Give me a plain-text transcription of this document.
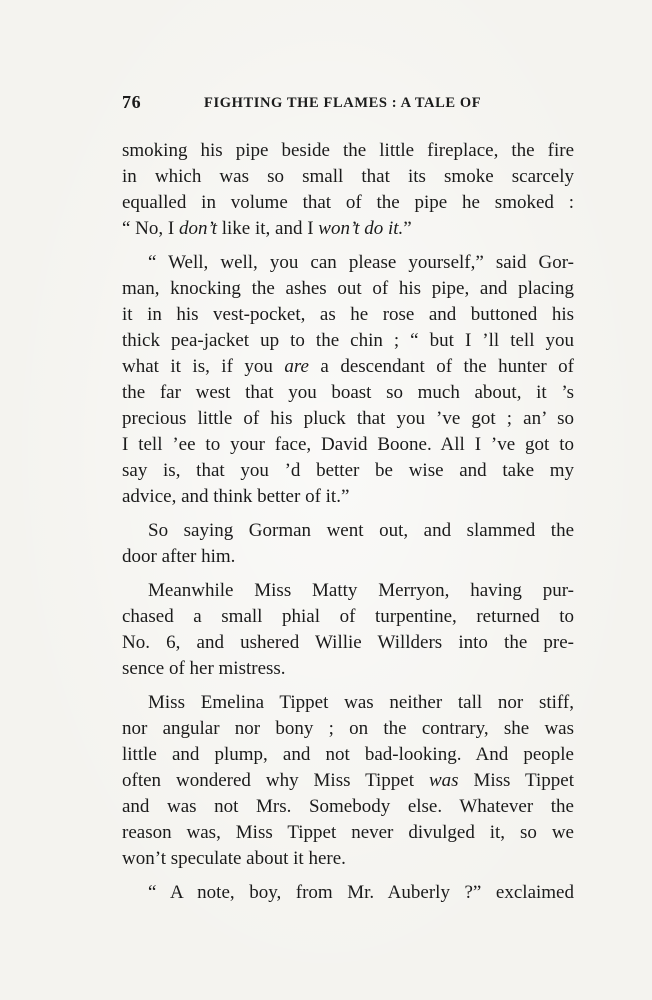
76	FIGHTING THE FLAMES : A TALE OF
smoking his pipe beside the little fireplace, the fire
in which was so small that its smoke scarcely
equalled in volume that of the pipe he smoked :
“ No, I don’t like it, and I won’t do it.”
“ Well, well, you can please yourself,” said Gor-
man, knocking the ashes out of his pipe, and placing
it in his vest-pocket, as he rose and buttoned his
thick pea-jacket up to the chin ; “ but I ’ll tell you
what it is, if you are a descendant of the hunter of
the far west that you boast so much about, it ’s
precious little of his pluck that you ’ve got ; an’ so
I tell ’ee to your face, David Boone. All I ’ve got to
say is, that you ’d better be wise and take my
advice, and think better of it.”
So saying Gorman went out, and slammed the
door after him.
Meanwhile Miss Matty Merryon, having pur-
chased a small phial of turpentine, returned to
No. 6, and ushered Willie Willders into the pre-
sence of her mistress.
Miss Emelina Tippet was neither tall nor stiff,
nor angular nor bony ; on the contrary, she was
little and plump, and not bad-looking. And people
often wondered why Miss Tippet was Miss Tippet
and was not Mrs. Somebody else. Whatever the
reason was, Miss Tippet never divulged it, so we
won’t speculate about it here.
“ A note, boy, from Mr. Auberly ?” exclaimed
